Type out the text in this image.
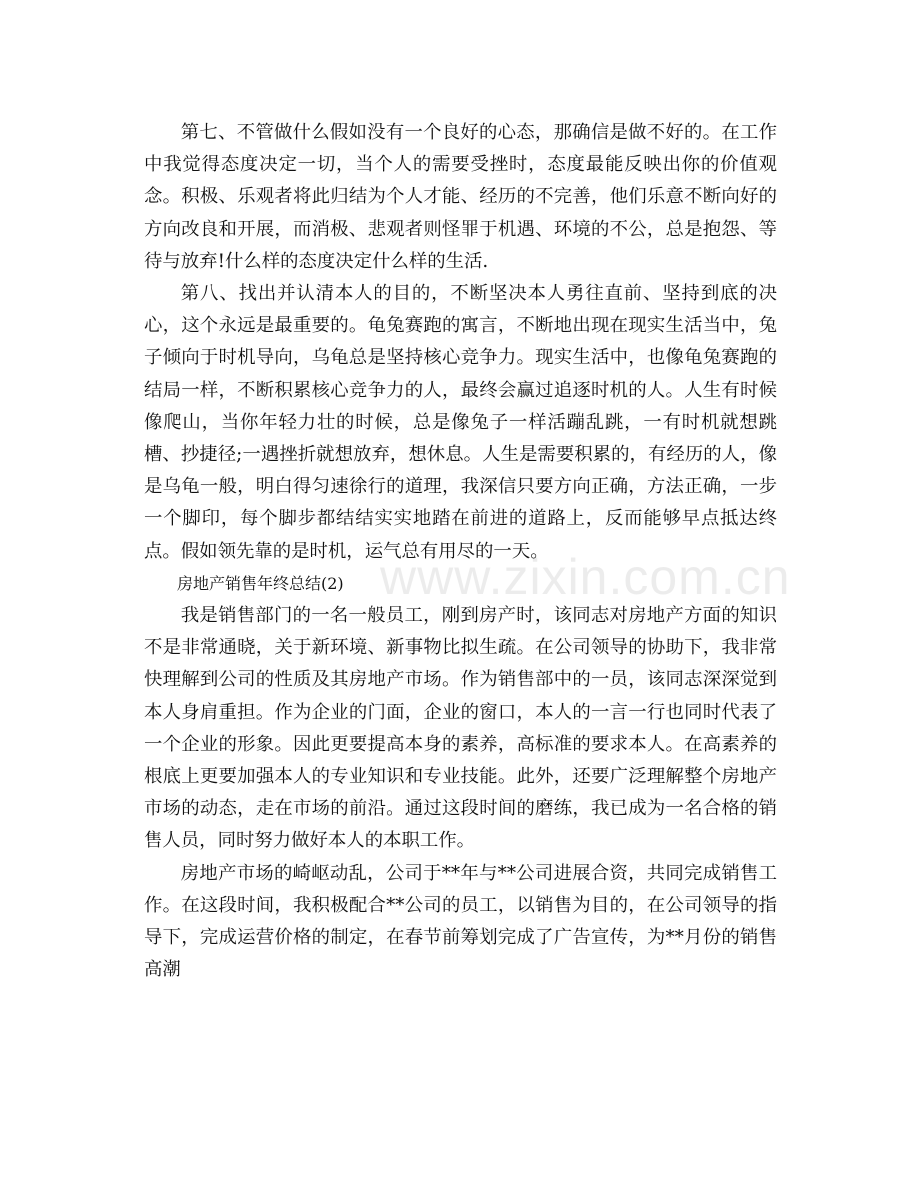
第七、不管做什么假如没有一个良好的心态，那确信是做不好的。在工作中我觉得态度决定一切，当个人的需要受挫时，态度最能反映出你的价值观念。积极、乐观者将此归结为个人才能、经历的不完善，他们乐意不断向好的方向改良和开展，而消极、悲观者则怪罪于机遇、环境的不公，总是抱怨、等待与放弃!什么样的态度决定什么样的生活.

第八、找出并认清本人的目的，不断坚决本人勇往直前、坚持到底的决心，这个永远是最重要的。龟兔赛跑的寓言，不断地出现在现实生活当中，兔子倾向于时机导向，乌龟总是坚持核心竞争力。现实生活中，也像龟兔赛跑的结局一样，不断积累核心竞争力的人，最终会赢过追逐时机的人。人生有时候像爬山，当你年轻力壮的时候，总是像兔子一样活蹦乱跳，一有时机就想跳槽、抄捷径;一遇挫折就想放弃，想休息。人生是需要积累的，有经历的人，像是乌龟一般，明白得匀速徐行的道理，我深信只要方向正确，方法正确，一步一个脚印，每个脚步都结结实实地踏在前进的道路上，反而能够早点抵达终点。假如领先靠的是时机，运气总有用尽的一天。

房地产销售年终总结(2)

我是销售部门的一名一般员工，刚到房产时，该同志对房地产方面的知识不是非常通晓，关于新环境、新事物比拟生疏。在公司领导的协助下，我非常快理解到公司的性质及其房地产市场。作为销售部中的一员，该同志深深觉到本人身肩重担。作为企业的门面，企业的窗口，本人的一言一行也同时代表了一个企业的形象。因此更要提高本身的素养，高标准的要求本人。在高素养的根底上更要加强本人的专业知识和专业技能。此外，还要广泛理解整个房地产市场的动态，走在市场的前沿。通过这段时间的磨练，我已成为一名合格的销售人员，同时努力做好本人的本职工作。

房地产市场的崎岖动乱，公司于**年与**公司进展合资，共同完成销售工作。在这段时间，我积极配合**公司的员工，以销售为目的，在公司领导的指导下，完成运营价格的制定，在春节前筹划完成了广告宣传，为**月份的销售高潮

www.zixin.com.cn
